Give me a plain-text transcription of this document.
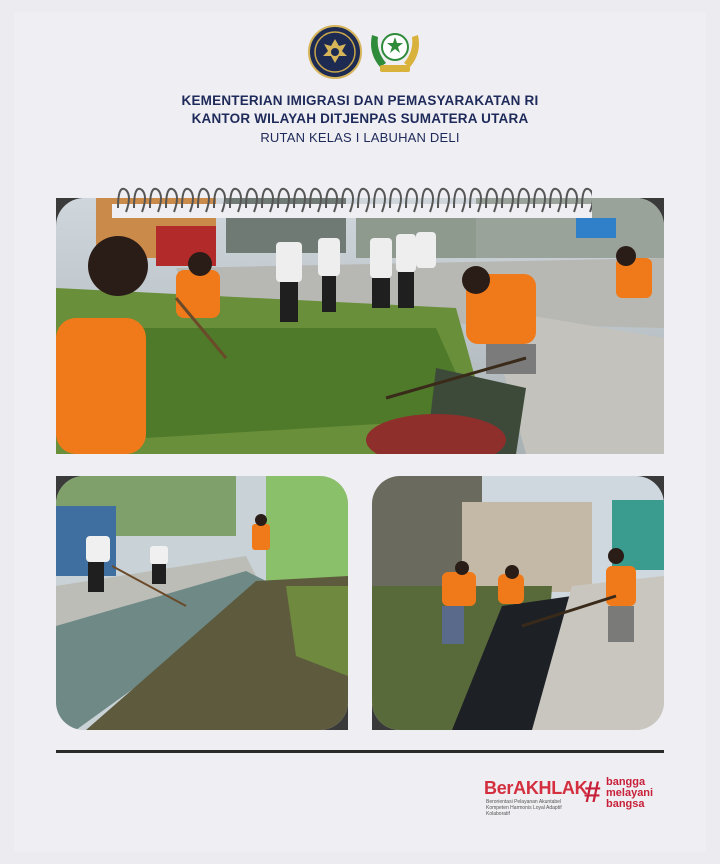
KEMENTERIAN IMIGRASI DAN PEMASYARAKATAN RI
KANTOR WILAYAH DITJENPAS SUMATERA UTARA
RUTAN KELAS I LABUHAN DELI
BerAKHLAK
Berorientasi Pelayanan Akuntabel Kompeten Harmonis Loyal Adaptif Kolaboratif
# bangga
melayani
bangsa
